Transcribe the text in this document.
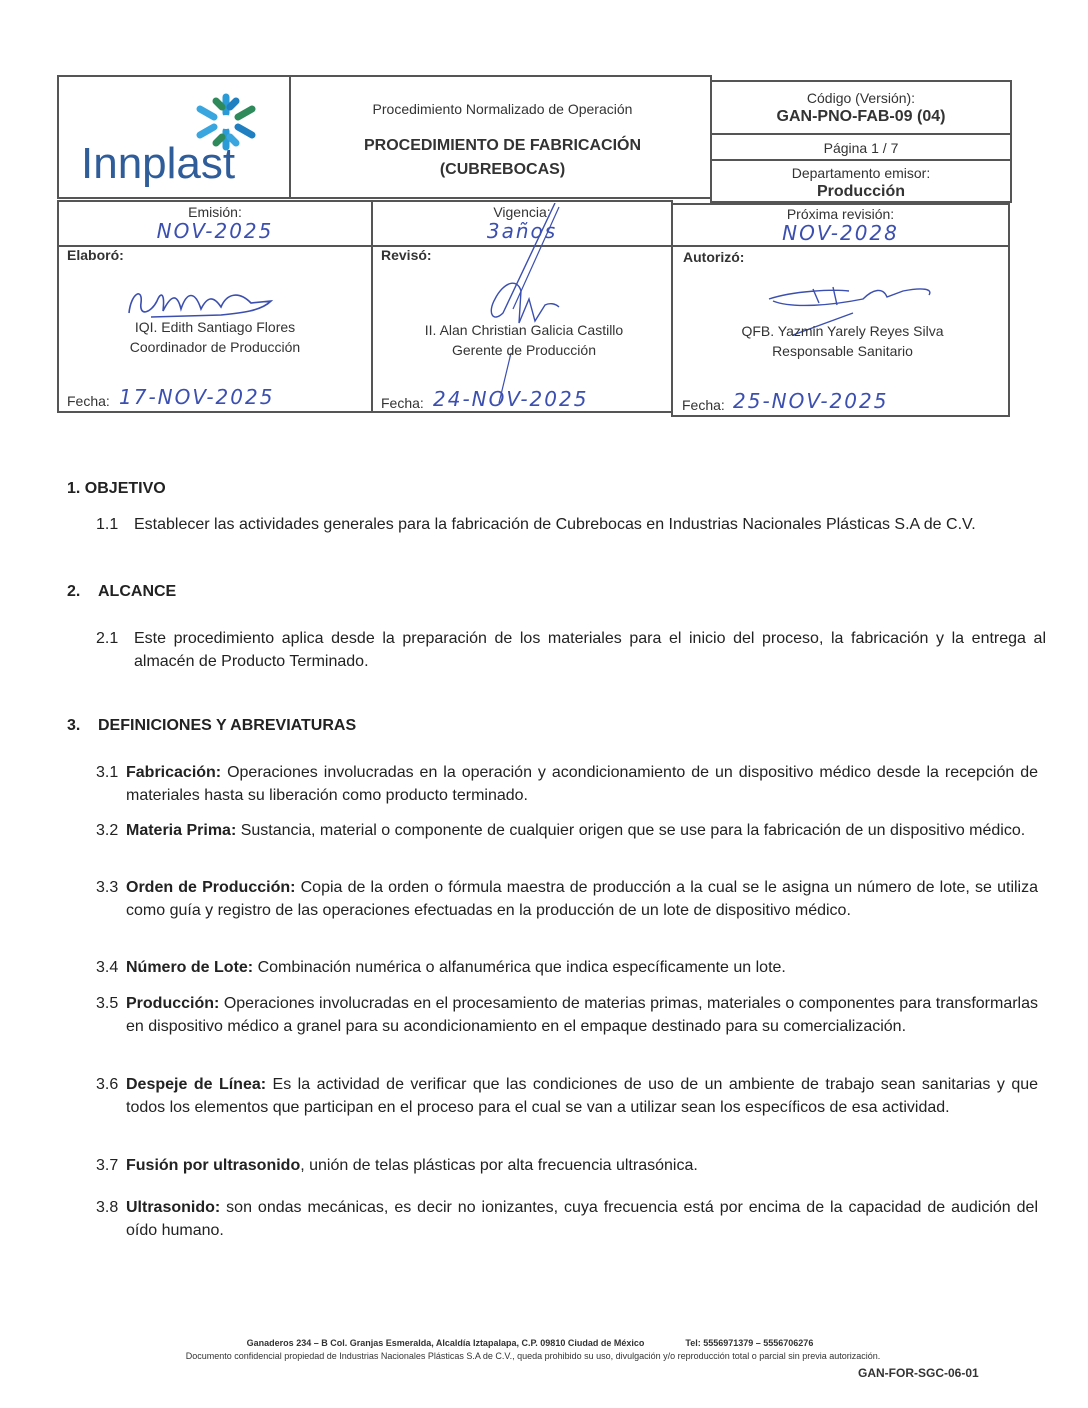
Innplast
Procedimiento Normalizado de Operación
PROCEDIMIENTO DE FABRICACIÓN
(CUBREBOCAS)
Código (Versión):
GAN-PNO-FAB-09 (04)
Página 1 / 7
Departamento emisor:
Producción
Emisión:
NOV-2025
Vigencia:
3años
Próxima revisión:
NOV-2028
Elaboró:
IQI. Edith Santiago Flores
Coordinador de Producción
Fecha: 17-NOV-2025
Revisó:
II. Alan Christian Galicia Castillo
Gerente de Producción
Fecha: 24-NOV-2025
Autorizó:
QFB. Yazmin Yarely Reyes Silva
Responsable Sanitario
Fecha: 25-NOV-2025
1. OBJETIVO
1.1 Establecer las actividades generales para la fabricación de Cubrebocas en Industrias Nacionales Plásticas S.A de C.V.
2. ALCANCE
2.1 Este procedimiento aplica desde la preparación de los materiales para el inicio del proceso, la fabricación y la entrega al almacén de Producto Terminado.
3. DEFINICIONES Y ABREVIATURAS
3.1 Fabricación: Operaciones involucradas en la operación y acondicionamiento de un dispositivo médico desde la recepción de materiales hasta su liberación como producto terminado.
3.2 Materia Prima: Sustancia, material o componente de cualquier origen que se use para la fabricación de un dispositivo médico.
3.3 Orden de Producción: Copia de la orden o fórmula maestra de producción a la cual se le asigna un número de lote, se utiliza como guía y registro de las operaciones efectuadas en la producción de un lote de dispositivo médico.
3.4 Número de Lote: Combinación numérica o alfanumérica que indica específicamente un lote.
3.5 Producción: Operaciones involucradas en el procesamiento de materias primas, materiales o componentes para transformarlas en dispositivo médico a granel para su acondicionamiento en el empaque destinado para su comercialización.
3.6 Despeje de Línea: Es la actividad de verificar que las condiciones de uso de un ambiente de trabajo sean sanitarias y que todos los elementos que participan en el proceso para el cual se van a utilizar sean los específicos de esa actividad.
3.7 Fusión por ultrasonido, unión de telas plásticas por alta frecuencia ultrasónica.
3.8 Ultrasonido: son ondas mecánicas, es decir no ionizantes, cuya frecuencia está por encima de la capacidad de audición del oído humano.
Ganaderos 234 – B Col. Granjas Esmeralda, Alcaldía Iztapalapa, C.P. 09810 Ciudad de México	Tel: 5556971379 – 5556706276
Documento confidencial propiedad de Industrias Nacionales Plásticas S.A de C.V., queda prohibido su uso, divulgación y/o reproducción total o parcial sin previa autorización.
GAN-FOR-SGC-06-01
